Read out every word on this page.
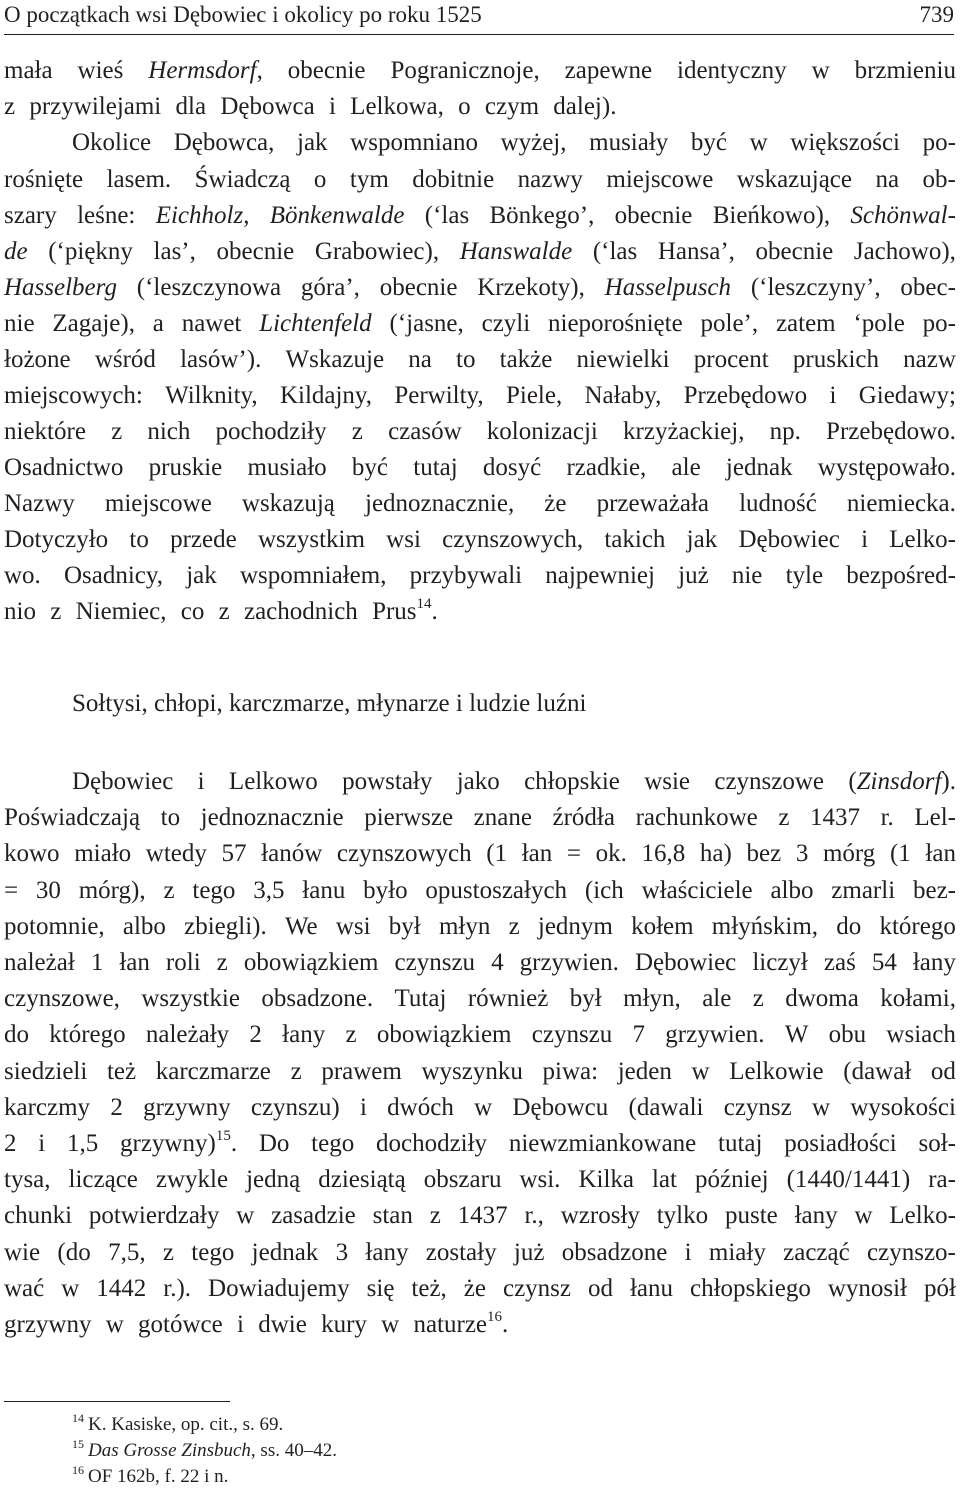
O początkach wsi Dębowiec i okolicy po roku 1525	739
mała wieś Hermsdorf, obecnie Pogranicznoje, zapewne identyczny w brzmieniu
z przywilejami dla Dębowca i Lelkowa, o czym dalej).
Okolice Dębowca, jak wspomniano wyżej, musiały być w większości po-
rośnięte lasem. Świadczą o tym dobitnie nazwy miejscowe wskazujące na ob-
szary leśne: Eichholz, Bönkenwalde (‘las Bönkego’, obecnie Bieńkowo), Schönwal-
de (‘piękny las’, obecnie Grabowiec), Hanswalde (‘las Hansa’, obecnie Jachowo),
Hasselberg (‘leszczynowa góra’, obecnie Krzekoty), Hasselpusch (‘leszczyny’, obec-
nie Zagaje), a nawet Lichtenfeld (‘jasne, czyli nieporośnięte pole’, zatem ‘pole po-
łożone wśród lasów’). Wskazuje na to także niewielki procent pruskich nazw
miejscowych: Wilknity, Kildajny, Perwilty, Piele, Nałaby, Przebędowo i Giedawy;
niektóre z nich pochodziły z czasów kolonizacji krzyżackiej, np. Przebędowo.
Osadnictwo pruskie musiało być tutaj dosyć rzadkie, ale jednak występowało.
Nazwy miejscowe wskazują jednoznacznie, że przeważała ludność niemiecka.
Dotyczyło to przede wszystkim wsi czynszowych, takich jak Dębowiec i Lelko-
wo. Osadnicy, jak wspomniałem, przybywali najpewniej już nie tyle bezpośred-
nio z Niemiec, co z zachodnich Prus$^{14}$.
Dębowiec i Lelkowo powstały jako chłopskie wsie czynszowe (Zinsdorf).
Poświadczają to jednoznacznie pierwsze znane źródła rachunkowe z 1437 r. Lel-
kowo miało wtedy 57 łanów czynszowych (1 łan = ok. 16,8 ha) bez 3 mórg (1 łan
= 30 mórg), z tego 3,5 łanu było opustoszałych (ich właściciele albo zmarli bez-
potomnie, albo zbiegli). We wsi był młyn z jednym kołem młyńskim, do którego
należał 1 łan roli z obowiązkiem czynszu 4 grzywien. Dębowiec liczył zaś 54 łany
czynszowe, wszystkie obsadzone. Tutaj również był młyn, ale z dwoma kołami,
do którego należały 2 łany z obowiązkiem czynszu 7 grzywien. W obu wsiach
siedzieli też karczmarze z prawem wyszynku piwa: jeden w Lelkowie (dawał od
karczmy 2 grzywny czynszu) i dwóch w Dębowcu (dawali czynsz w wysokości
2 i 1,5 grzywny)$^{15}$. Do tego dochodziły niewzmiankowane tutaj posiadłości soł-
tysa, liczące zwykle jedną dziesiątą obszaru wsi. Kilka lat później (1440/1441) ra-
chunki potwierdzały w zasadzie stan z 1437 r., wzrosły tylko puste łany w Lelko-
wie (do 7,5, z tego jednak 3 łany zostały już obsadzone i miały zacząć czynszo-
wać w 1442 r.). Dowiadujemy się też, że czynsz od łanu chłopskiego wynosił pół
grzywny w gotówce i dwie kury w naturze$^{16}$.
Sołtysi, chłopi, karczmarze, młynarze i ludzie luźni
$^{14}$ K. Kasiske, op. cit., s. 69.
$^{15}$ Das Grosse Zinsbuch, ss. 40–42.
$^{16}$ OF 162b, f. 22 i n.
